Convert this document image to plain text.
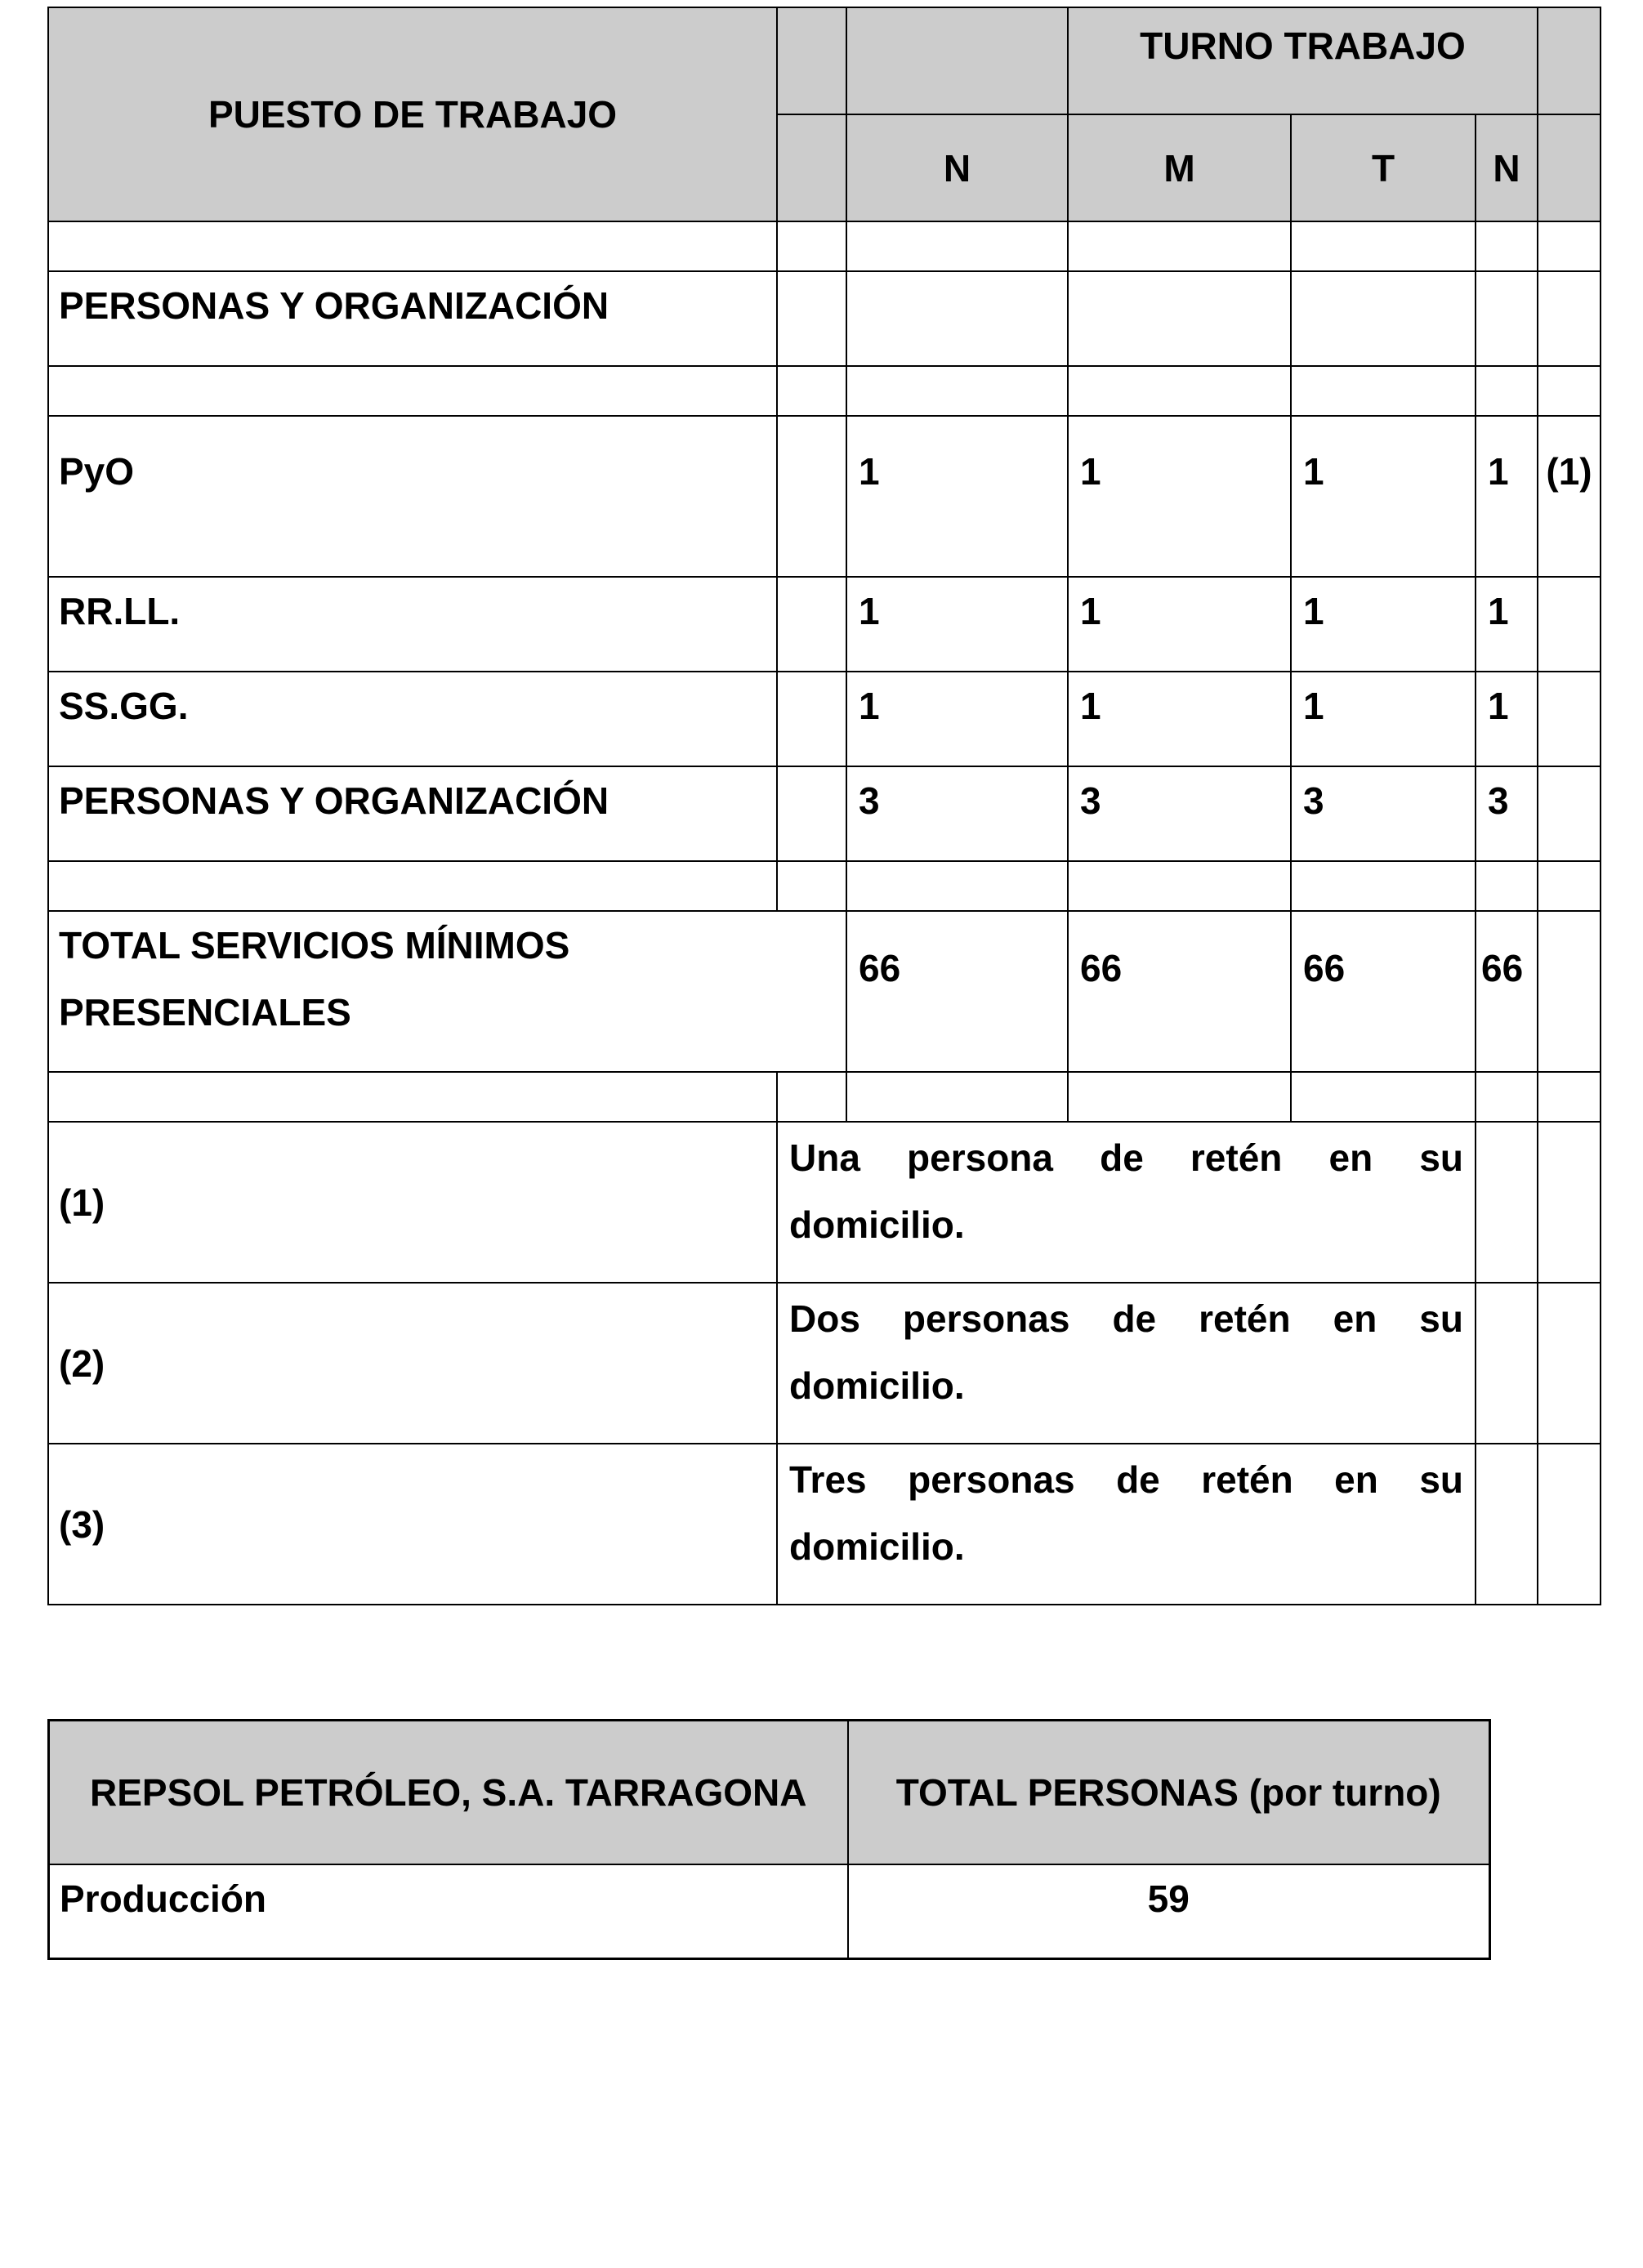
PUESTO DE TRABAJO			TURNO TRABAJO			
		N	M	T	N	

PERSONAS Y ORGANIZACIÓN						

PyO		1	1	1	1	(1)
RR.LL.		1	1	1	1	
SS.GG.		1	1	1	1	
PERSONAS Y ORGANIZACIÓN		3	3	3	3	

TOTAL SERVICIOS MÍNIMOS
PRESENCIALES		66	66	66	66	

(1)	Una persona de retén en su domicilio.					
(2)	Dos personas de retén en su domicilio.					
(3)	Tres personas de retén en su domicilio.					
REPSOL PETRÓLEO, S.A. TARRAGONA	TOTAL PERSONAS (por turno)
Producción	59
